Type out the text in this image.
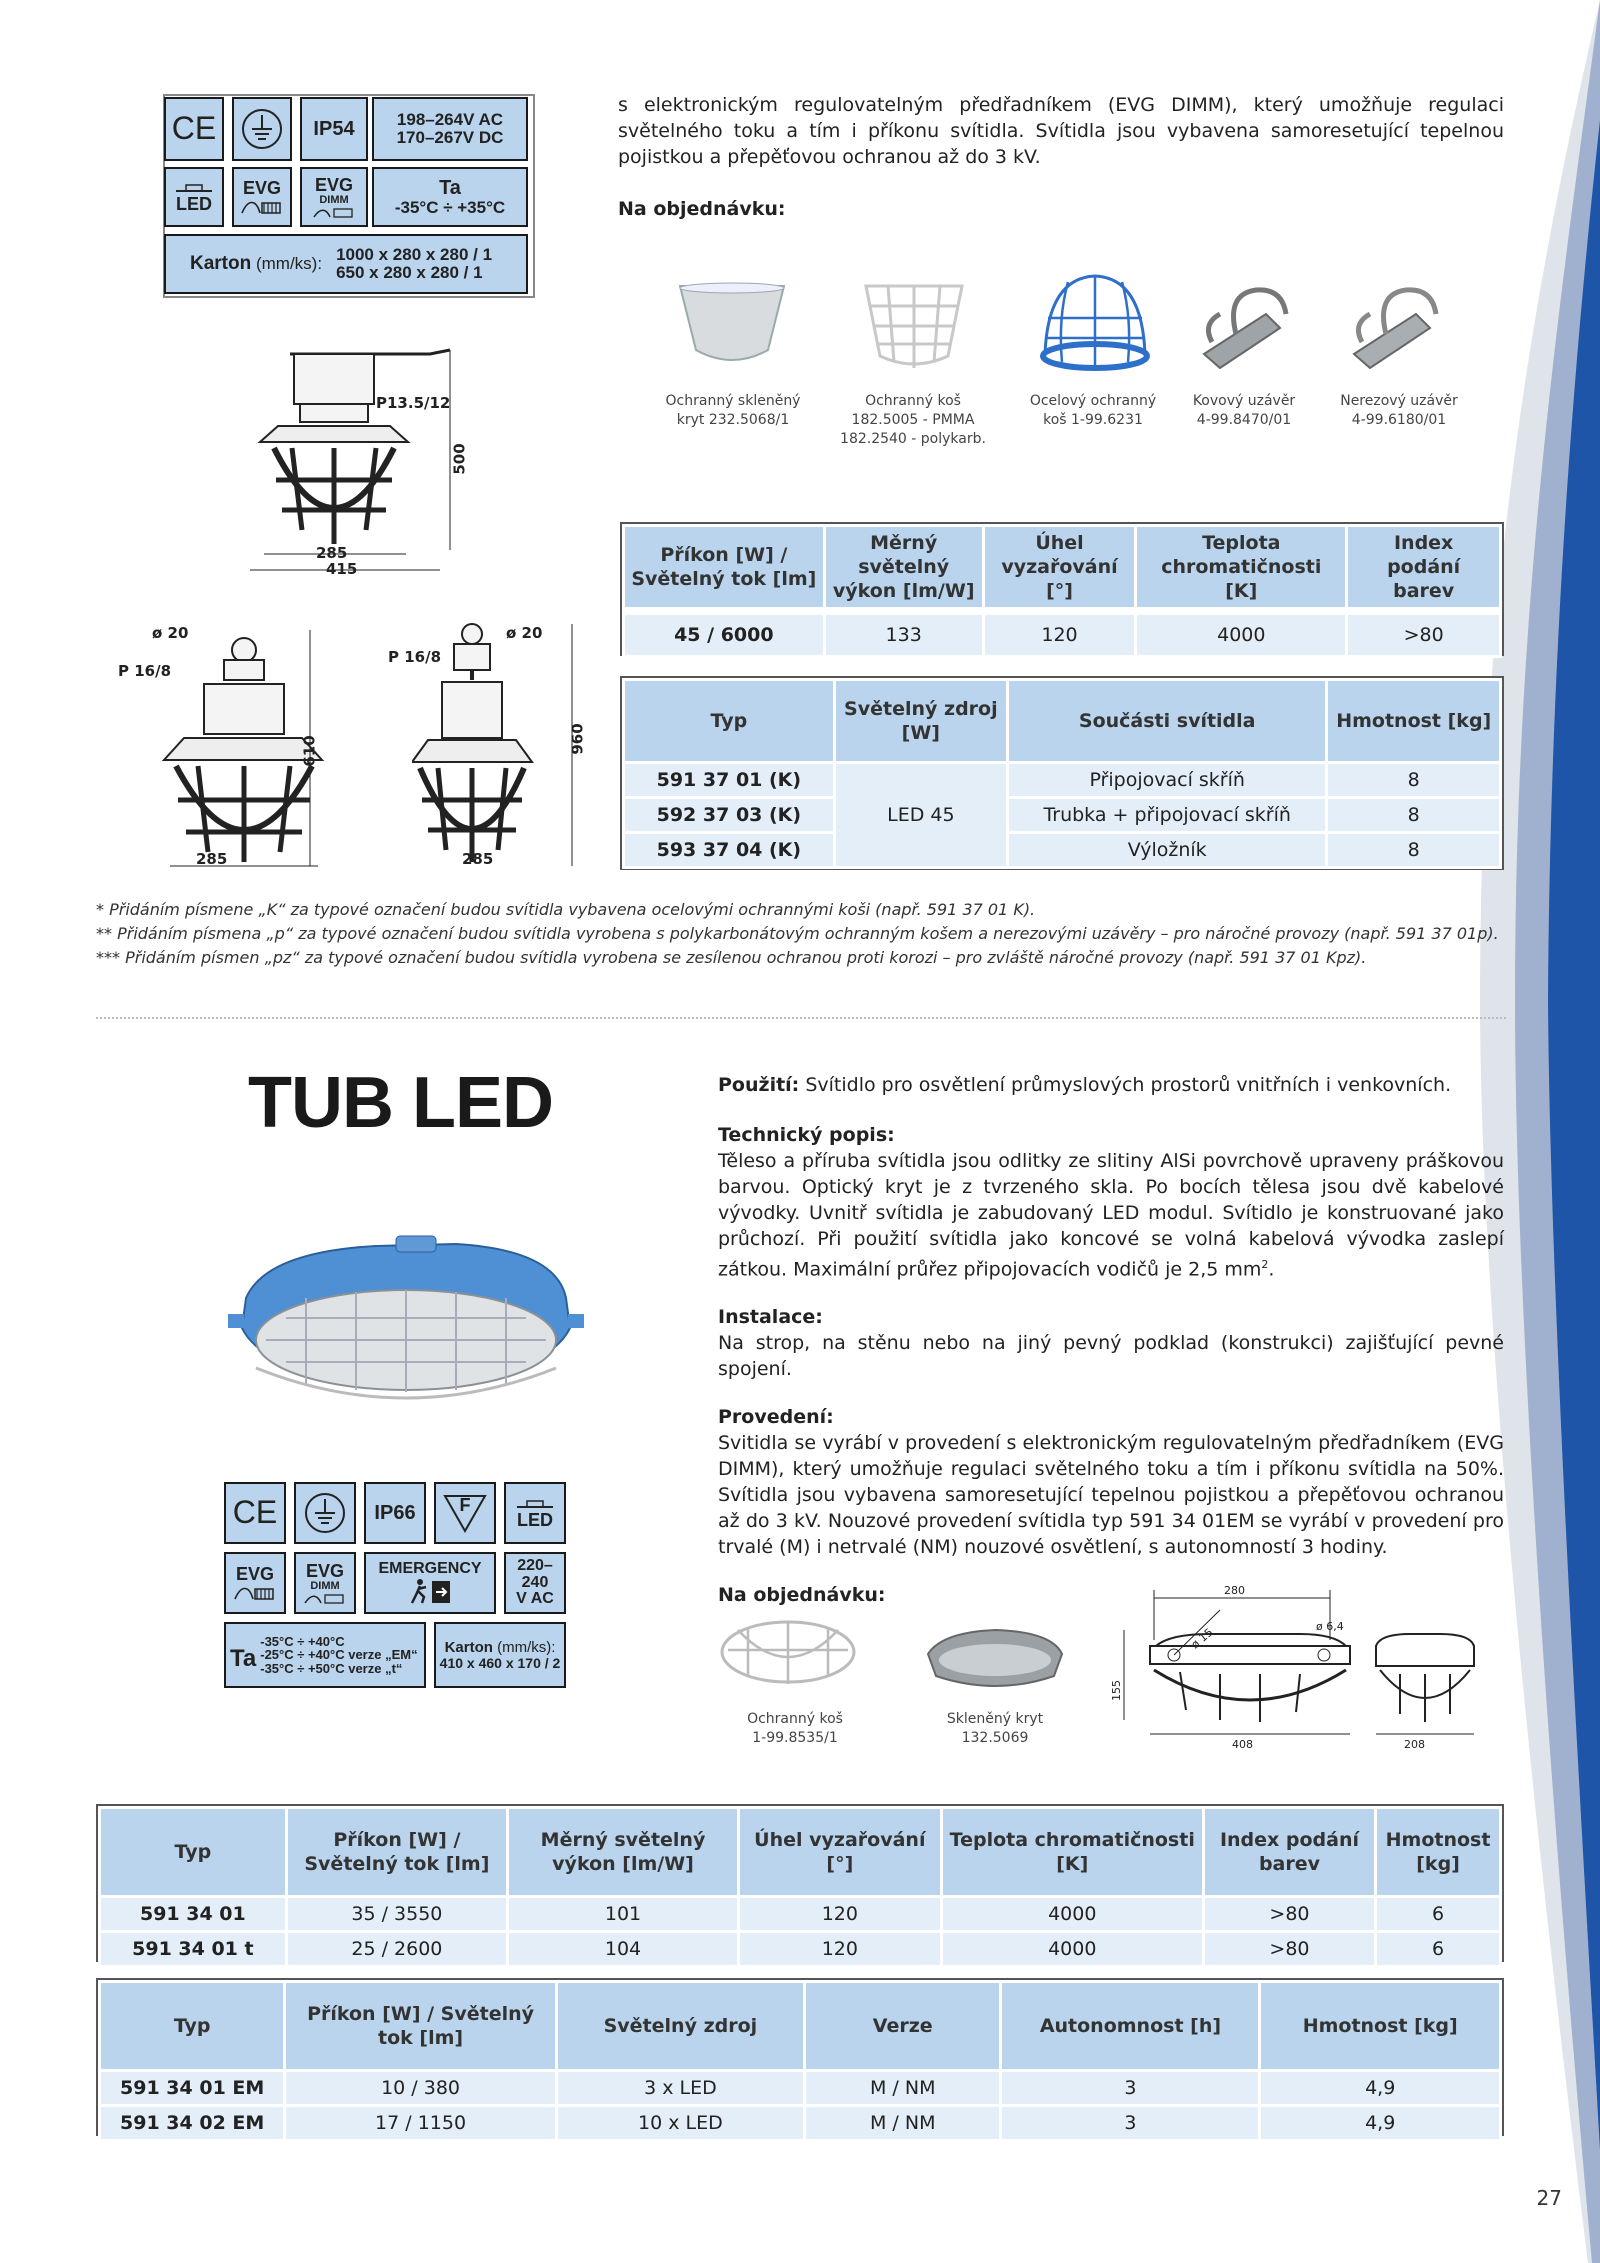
CE	IP54	198–264V AC
170–267V DC
LED
EVG EVG
DIMM
Ta
-35°C ÷ +35°C
Karton
(mm/ks): 1000 x 280 x 280 / 1
650 x 280 x 280 / 1
s elektronickým regulovatelným předřadníkem (EVG DIMM), který umožňuje regulaci světelného toku a tím i příkonu svítidla. Svítidla jsou vybavena samoresetující tepelnou pojistkou a přepěťovou ochranou až do 3 kV.
Na objednávku:
Ochranný skleněný
kryt 232.5068/1
Ochranný koš
182.5005 - PMMA
182.2540 - polykarb.
Ocelový ochranný
koš 1-99.6231
Kovový uzávěr
4-99.8470/01
Nerezový uzávěr
4-99.6180/01
P13.5/12
500
285
415
ø 20
P 16/8
610
285
P 16/8
ø 20
960
285
Příkon [W] / Světelný tok [lm]	Měrný světelný výkon [lm/W]	Úhel vyzařování [°]	Teplota chromatičnosti [K]	Index podání barev
45 / 6000	133	120	4000	>80
Typ	Světelný zdroj [W]	Součásti svítidla	Hmotnost [kg]
591 37 01 (K)	LED 45	Připojovací skříň	8
592 37 03 (K)		Trubka + připojovací skříň	8
593 37 04 (K)		Výložník	8
* Přidáním písmene „K“ za typové označení budou svítidla vybavena ocelovými ochrannými koši (např. 591 37 01 K).
** Přidáním písmena „p“ za typové označení budou svítidla vyrobena s polykarbonátovým ochranným košem a nerezovými uzávěry – pro náročné provozy (např. 591 37 01p).
*** Přidáním písmen „pz“ za typové označení budou svítidla vyrobena se zesílenou ochranou proti korozi – pro zvláště náročné provozy (např. 591 37 01 Kpz).
TUB LED
CE	IP66	F
LED
EVG EVG
DIMM
EMERGENCY	220–240
V AC
Ta
-35°C ÷ +40°C
-25°C ÷ +40°C verze „EM“
-35°C ÷ +50°C verze „t“
Karton (mm/ks):
410 x 460 x 170 / 2
Použití: Svítidlo pro osvětlení průmyslových prostorů vnitřních i venkovních.
Technický popis:
Těleso a příruba svítidla jsou odlitky ze slitiny AlSi povrchově upraveny práškovou barvou. Optický kryt je z tvrzeného skla. Po bocích tělesa jsou dvě kabelové vývodky. Uvnitř svítidla je zabudovaný LED modul. Svítidlo je konstruované jako průchozí. Při použití svítidla jako koncové se volná kabelová vývodka zaslepí zátkou. Maximální průřez připojovacích vodičů je 2,5 $mm^2$.
Instalace:
Na strop, na stěnu nebo na jiný pevný podklad (konstrukci) zajišťující pevné spojení.
Provedení:
Svitidla se vyrábí v provedení s elektronickým regulovatelným předřadníkem (EVG DIMM), který umožňuje regulaci světelného toku a tím i příkonu svítidla na 50%. Svítidla jsou vybavena samoresetující tepelnou pojistkou a přepěťovou ochranou až do 3 kV. Nouzové provedení svítidla typ 591 34 01EM se vyrábí v provedení pro trvalé (M) i netrvalé (NM) nouzové osvětlení, s autonomností 3 hodiny.
Na objednávku:
Ochranný koš
1-99.8535/1
Skleněný kryt
132.5069
280
ø 15	ø 6,4
155
408	208
Typ	Příkon [W] / Světelný tok [lm]	Měrný světelný výkon [lm/W]	Úhel vyzařování [°]	Teplota chromatičnosti [K]	Index podání barev	Hmotnost [kg]
591 34 01	35 / 3550	101	120	4000	>80	6
591 34 01 t	25 / 2600	104	120	4000	>80	6
Typ	Příkon [W] / Světelný tok [lm]	Světelný zdroj	Verze	Autonomnost [h]	Hmotnost [kg]
591 34 01 EM	10 / 380	3 x LED	M / NM	3	4,9
591 34 02 EM	17 / 1150	10 x LED	M / NM	3	4,9
27
